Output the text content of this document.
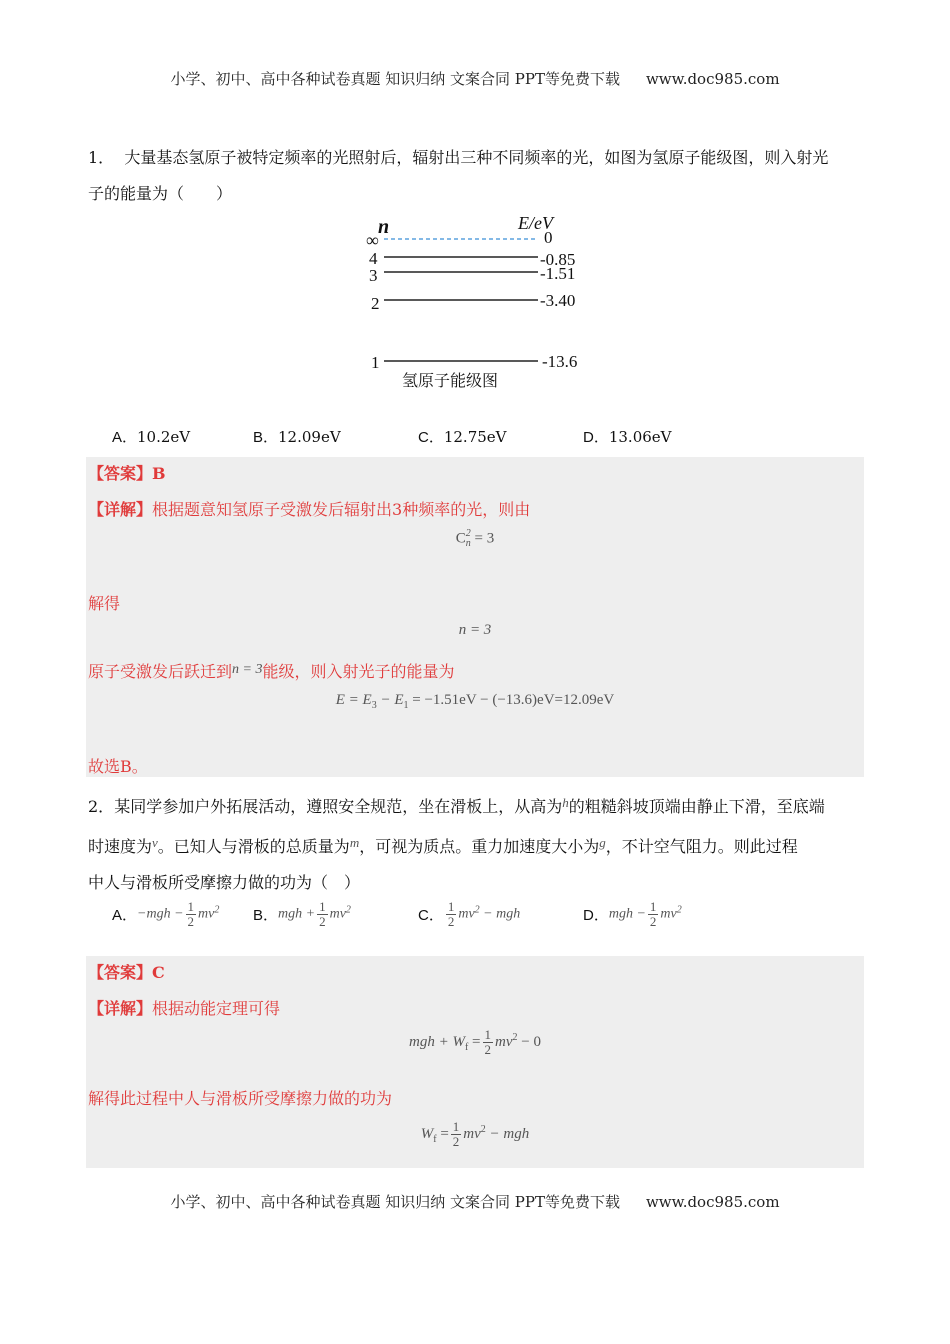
小学、初中、高中各种试卷真题 知识归纳 文案合同 PPT等免费下载 www.doc985.com
1． 大量基态氢原子被特定频率的光照射后，辐射出三种不同频率的光，如图为氢原子能级图，则入射光
子的能量为（　　）
n	E/eV
∞	0
4	-0.85
3	-1.51
2	-3.40
1	-13.6
氢原子能级图
A．10.2eV	B．12.09eV	C．12.75eV	D．13.06eV
【答案】B
【详解】根据题意知氢原子受激发后辐射出3种频率的光，则由
C 2
n = 3
解得
n = 3
原子受激发后跃迁到n = 3能级，则入射光子的能量为
$E = E_3 - E_1 = -1.51eV - (-13.6)eV=12.09eV$
故选B。
2．某同学参加户外拓展活动，遵照安全规范，坐在滑板上，从高为$^h$的粗糙斜坡顶端由静止下滑，至底端
时速度为$^v$。已知人与滑板的总质量为$^m$，可视为质点。重力加速度大小为$^g$，不计空气阻力。则此过程
中人与滑板所受摩擦力做的功为（　）
A．$-mgh - \frac{1}{2} mv^2$ B．mgh + $\frac{1}{2} mv^2$	C． $\frac{1}{2} mv^2$ − mgh	D．mgh − $\frac{1}{2} mv^2$
【答案】C
【详解】根据动能定理可得
mgh + $W_f = \frac{1}{2} mv^2 - 0$
解得此过程中人与滑板所受摩擦力做的功为
$W_f = \frac{1}{2} mv^2$ − mgh
小学、初中、高中各种试卷真题 知识归纳 文案合同 PPT等免费下载 www.doc985.com
